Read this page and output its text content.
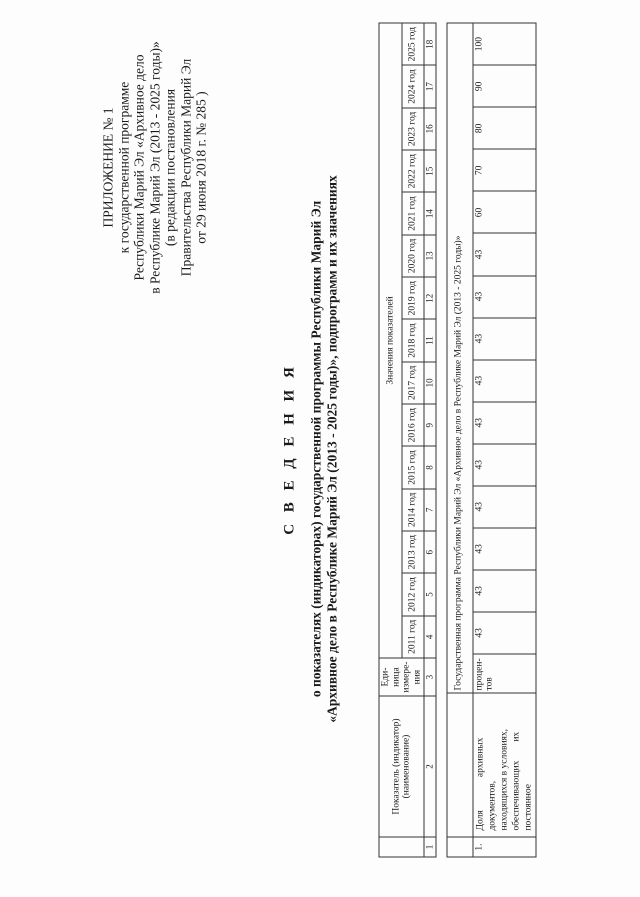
ПРИЛОЖЕНИЕ № 1 к государственной программе Республики Марий Эл «Архивное дело в Республике Марий Эл (2013 - 2025 годы)» (в редакции постановления Правительства Республики Марий Эл от 29 июня 2018 г. № 285 )
С В Е Д Е Н И Я о показателях (индикаторах) государственной программы Республики Марий Эл «Архивное дело в Республике Марий Эл (2013 - 2025 годы)», подпрограмм и их значениях
	Показатель (индикатор) (наименование)	Еди-ница измере-ния	Значения показателей														
			2011 год	2012 год	2013 год	2014 год	2015 год	2016 год	2017 год	2018 год	2019 год	2020 год	2021 год	2022 год	2023 год	2024 год	2025 год
1	2	3	4	5	6	7	8	9	10	11	12	13	14	15	16	17	18
		Государственная программа Республики Марий Эл «Архивное дело в Республике Марий Эл (2013 - 2025 годы)»															
1.	Доля              архивных документов, находящихся в условиях, обеспечивающих        их постоянное	процен-тов	43	43	43	43	43	43	43	43	43	43	60	70	80	90	100
